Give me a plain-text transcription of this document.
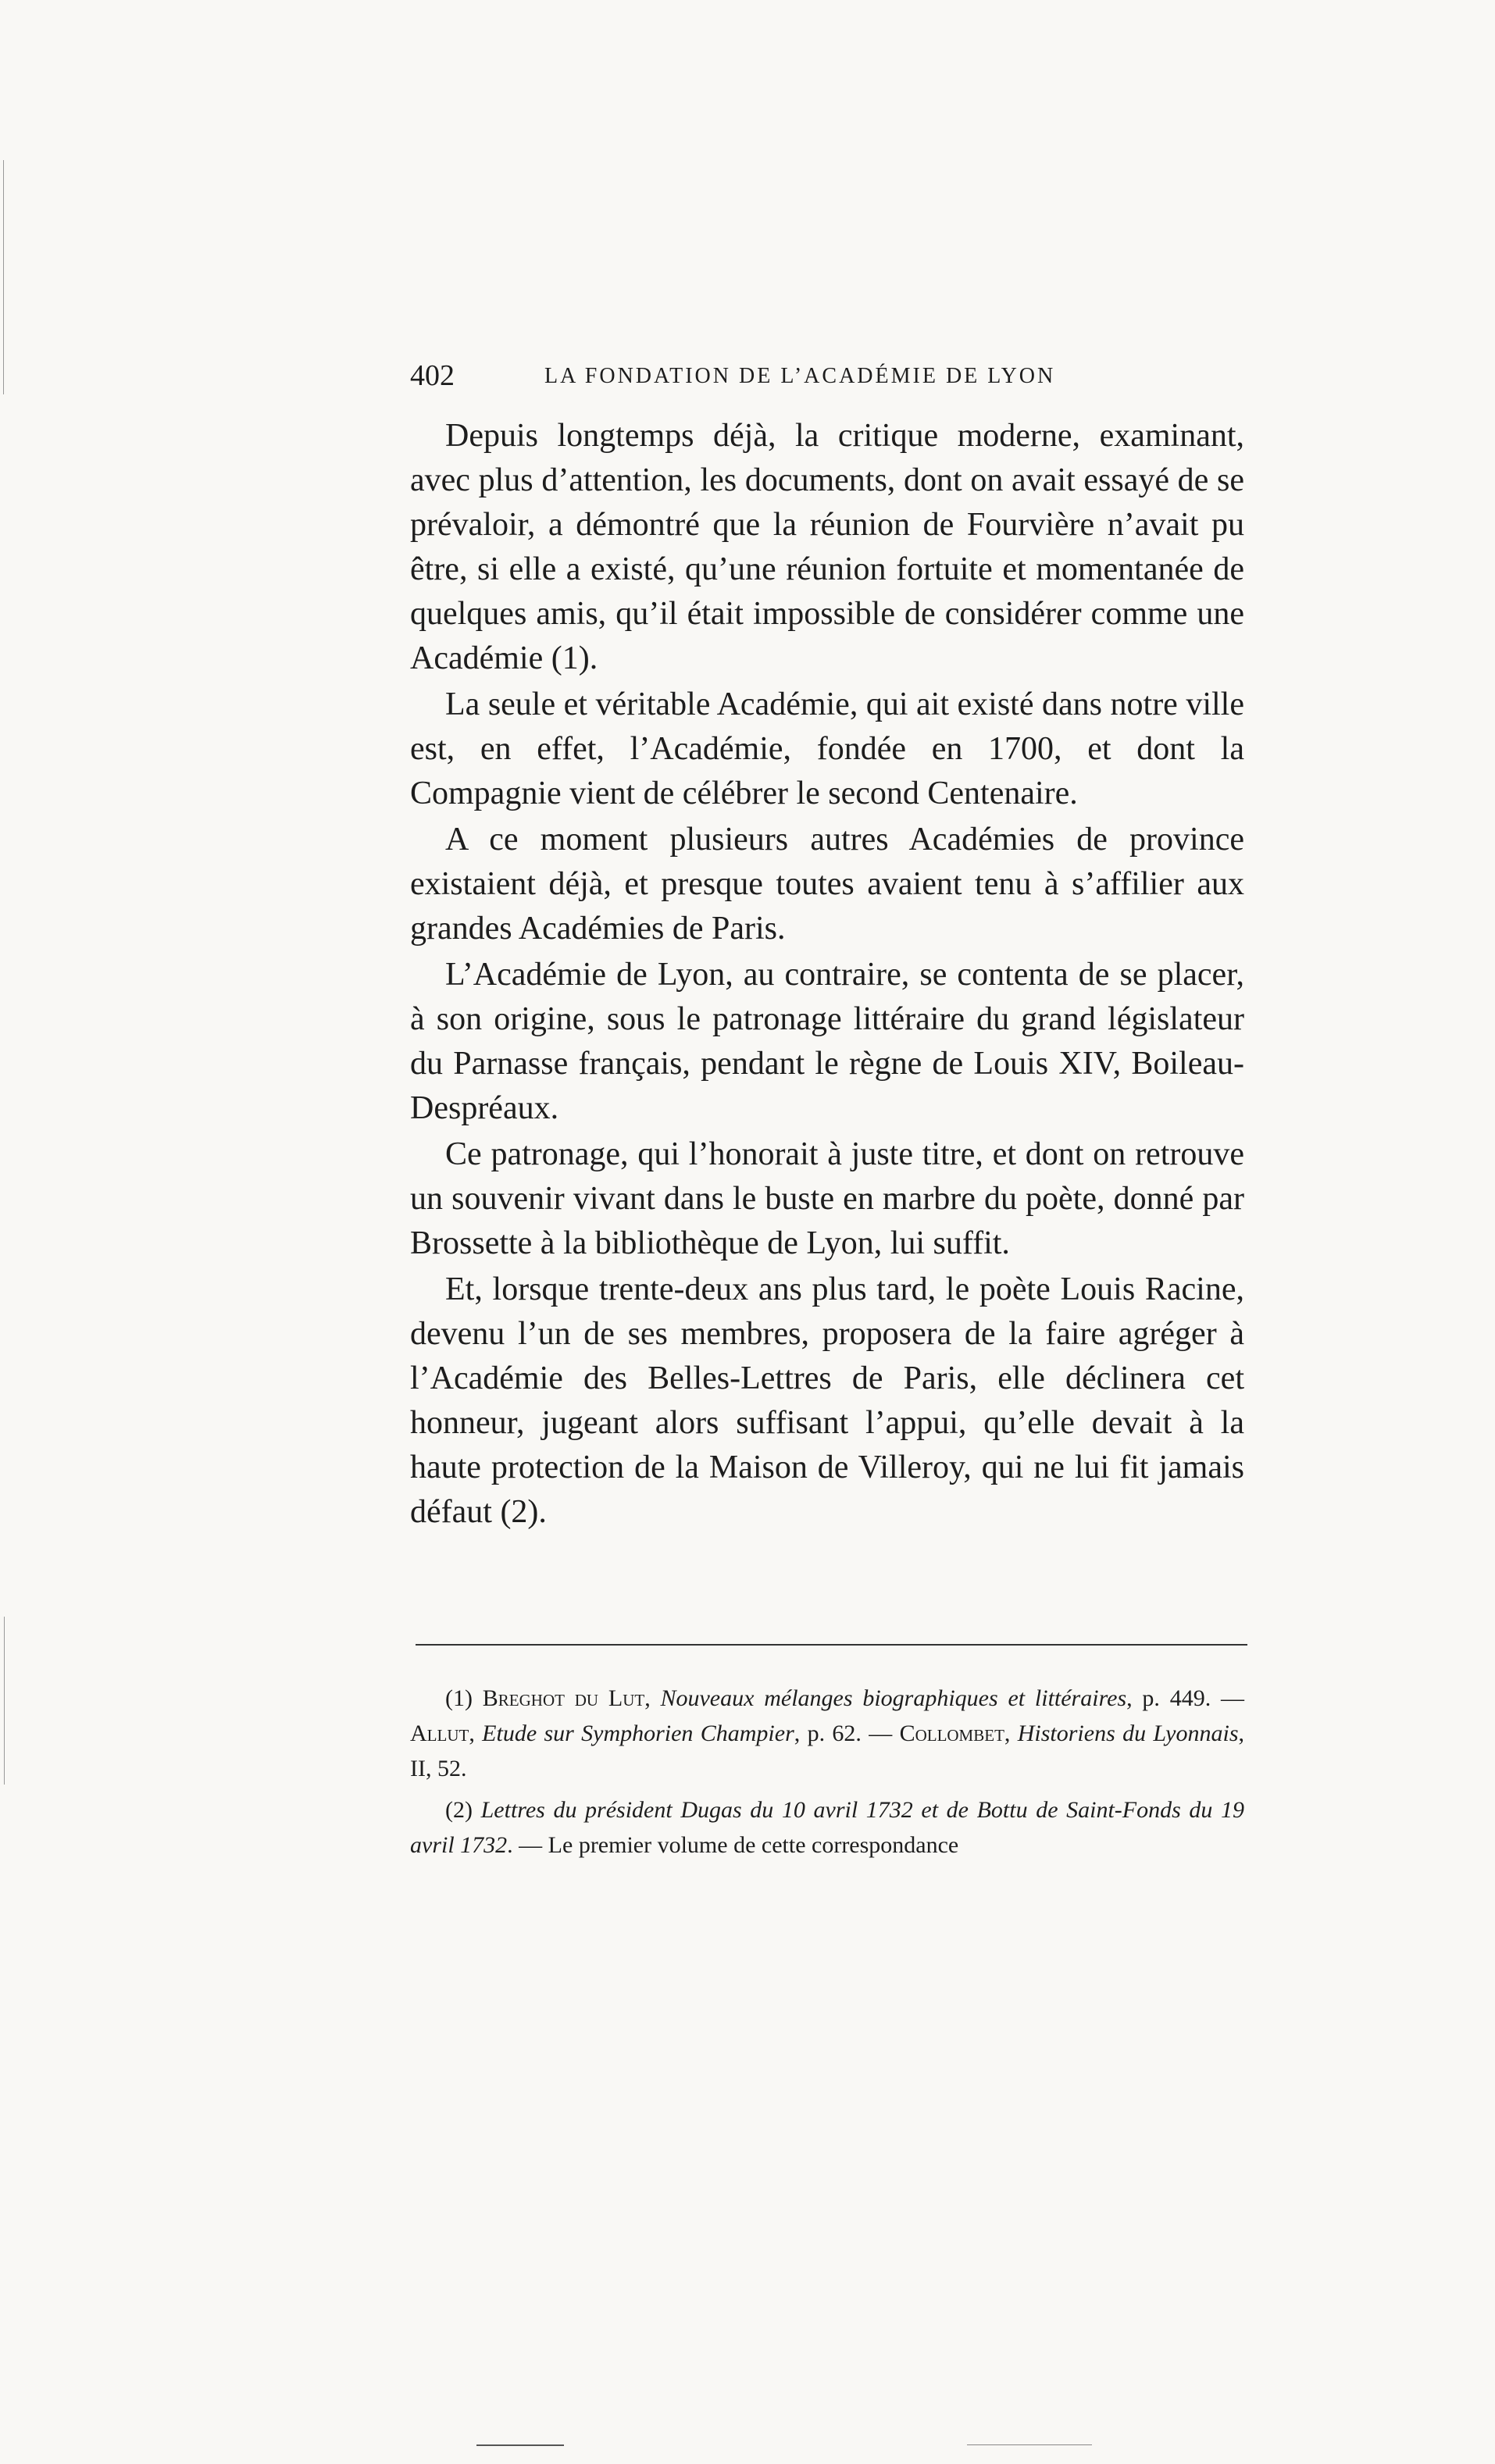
402	LA FONDATION DE L’ACADÉMIE DE LYON

Depuis longtemps déjà, la critique moderne, examinant, avec plus d’attention, les documents, dont on avait essayé de se prévaloir, a démontré que la réunion de Fourvière n’avait pu être, si elle a existé, qu’une réunion fortuite et momentanée de quelques amis, qu’il était impossible de considérer comme une Académie (1).

La seule et véritable Académie, qui ait existé dans notre ville est, en effet, l’Académie, fondée en 1700, et dont la Compagnie vient de célébrer le second Centenaire.

A ce moment plusieurs autres Académies de province existaient déjà, et presque toutes avaient tenu à s’affilier aux grandes Académies de Paris.

L’Académie de Lyon, au contraire, se contenta de se placer, à son origine, sous le patronage littéraire du grand législateur du Parnasse français, pendant le règne de Louis XIV, Boileau-Despréaux.

Ce patronage, qui l’honorait à juste titre, et dont on retrouve un souvenir vivant dans le buste en marbre du poète, donné par Brossette à la bibliothèque de Lyon, lui suffit.

Et, lorsque trente-deux ans plus tard, le poète Louis Racine, devenu l’un de ses membres, proposera de la faire agréger à l’Académie des Belles-Lettres de Paris, elle déclinera cet honneur, jugeant alors suffisant l’appui, qu’elle devait à la haute protection de la Maison de Villeroy, qui ne lui fit jamais défaut (2).

(1) Breghot du Lut, Nouveaux mélanges biographiques et littéraires, p. 449. — Allut, Etude sur Symphorien Champier, p. 62. — Collombet, Historiens du Lyonnais, II, 52.

(2) Lettres du président Dugas du 10 avril 1732 et de Bottu de Saint-Fonds du 19 avril 1732. — Le premier volume de cette correspondance
